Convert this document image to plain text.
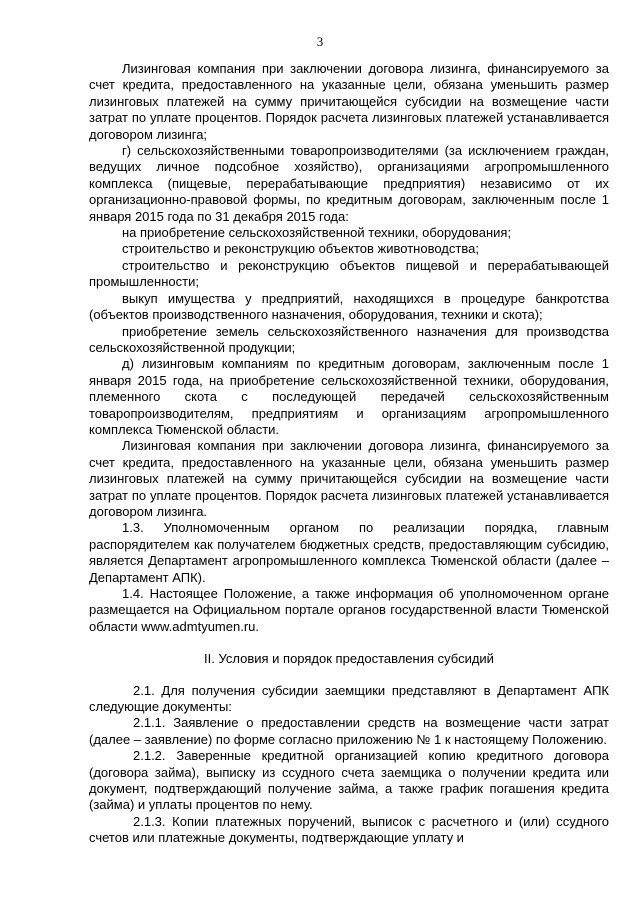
3

Лизинговая компания при заключении договора лизинга, финансируемого за счет кредита, предоставленного на указанные цели, обязана уменьшить размер лизинговых платежей на сумму причитающейся субсидии на возмещение части затрат по уплате процентов. Порядок расчета лизинговых платежей устанавливается договором лизинга;

г) сельскохозяйственными товаропроизводителями (за исключением граждан, ведущих личное подсобное хозяйство), организациями агропромышленного комплекса (пищевые, перерабатывающие предприятия) независимо от их организационно-правовой формы, по кредитным договорам, заключенным после 1 января 2015 года по 31 декабря 2015 года:

на приобретение сельскохозяйственной техники, оборудования;

строительство и реконструкцию объектов животноводства;

строительство и реконструкцию объектов пищевой и перерабатывающей промышленности;

выкуп имущества у предприятий, находящихся в процедуре банкротства (объектов производственного назначения, оборудования, техники и скота);

приобретение земель сельскохозяйственного назначения для производства сельскохозяйственной продукции;

д) лизинговым компаниям по кредитным договорам, заключенным после 1 января 2015 года, на приобретение сельскохозяйственной техники, оборудования, племенного скота с последующей передачей сельскохозяйственным товаропроизводителям, предприятиям и организациям агропромышленного комплекса Тюменской области.

Лизинговая компания при заключении договора лизинга, финансируемого за счет кредита, предоставленного на указанные цели, обязана уменьшить размер лизинговых платежей на сумму причитающейся субсидии на возмещение части затрат по уплате процентов. Порядок расчета лизинговых платежей устанавливается договором лизинга.

1.3. Уполномоченным органом по реализации порядка, главным распорядителем как получателем бюджетных средств, предоставляющим субсидию, является Департамент агропромышленного комплекса Тюменской области (далее – Департамент АПК).

1.4. Настоящее Положение, а также информация об уполномоченном органе размещается на Официальном портале органов государственной власти Тюменской области www.admtyumen.ru.

II. Условия и порядок предоставления субсидий

2.1. Для получения субсидии заемщики представляют в Департамент АПК следующие документы:

2.1.1. Заявление о предоставлении средств на возмещение части затрат (далее – заявление) по форме согласно приложению № 1 к настоящему Положению.

2.1.2. Заверенные кредитной организацией копию кредитного договора (договора займа), выписку из ссудного счета заемщика о получении кредита или документ, подтверждающий получение займа, а также график погашения кредита (займа) и уплаты процентов по нему.

2.1.3. Копии платежных поручений, выписок с расчетного и (или) ссудного счетов или платежные документы, подтверждающие уплату и
